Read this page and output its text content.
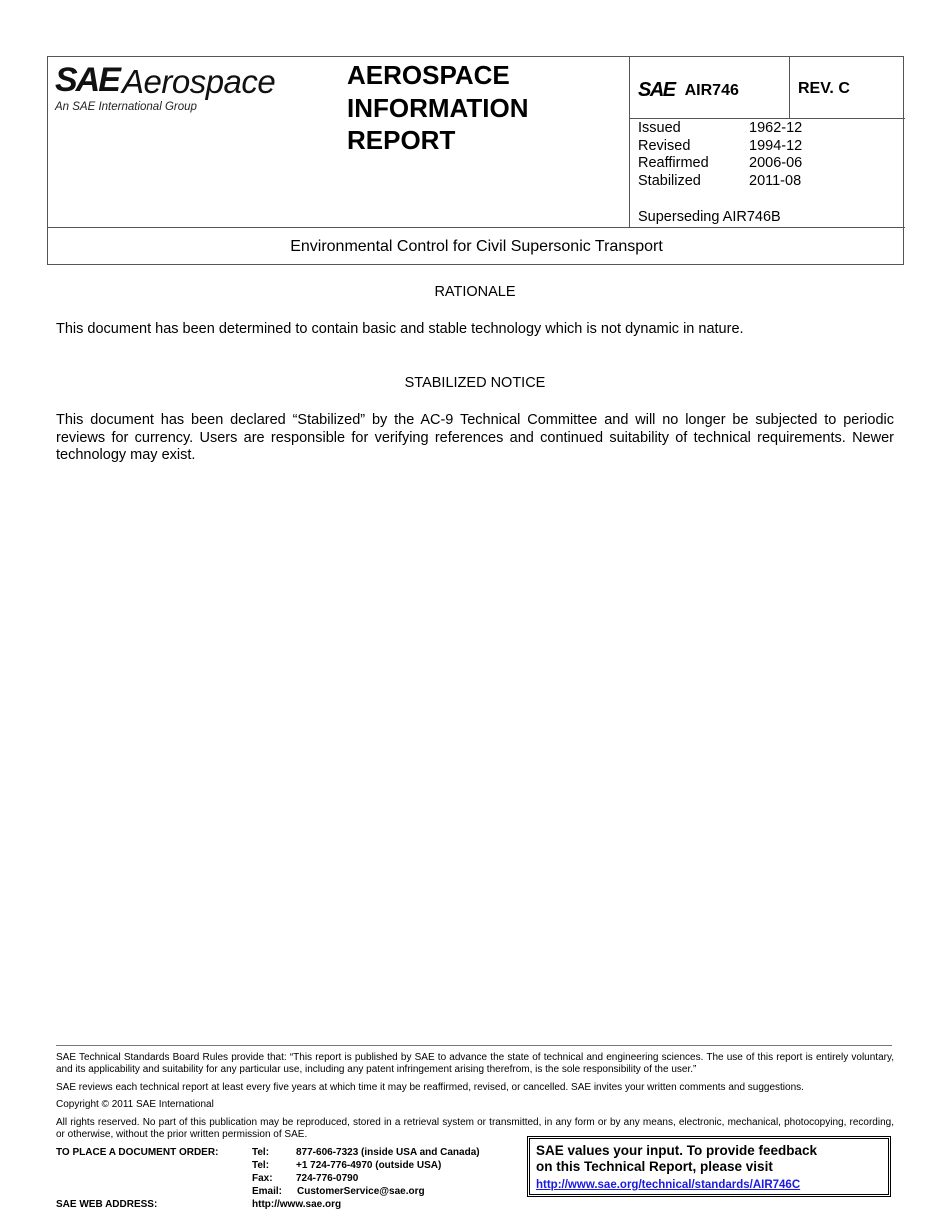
SAE Aerospace
An SAE International Group
AEROSPACE
INFORMATION
REPORT
SAE AIR746	REV. C
Issued	1962-12
Revised	1994-12
Reaffirmed	2006-06
Stabilized	2011-08
Superseding AIR746B
Environmental Control for Civil Supersonic Transport
RATIONALE
This document has been determined to contain basic and stable technology which is not dynamic in nature.
STABILIZED NOTICE
This document has been declared “Stabilized” by the AC-9 Technical Committee and will no longer be subjected to periodic reviews for currency. Users are responsible for verifying references and continued suitability of technical requirements. Newer technology may exist.
SAE Technical Standards Board Rules provide that: “This report is published by SAE to advance the state of technical and engineering sciences. The use of this report is entirely voluntary, and its applicability and suitability for any particular use, including any patent infringement arising therefrom, is the sole responsibility of the user.”
SAE reviews each technical report at least every five years at which time it may be reaffirmed, revised, or cancelled. SAE invites your written comments and suggestions.
Copyright © 2011 SAE International
All rights reserved. No part of this publication may be reproduced, stored in a retrieval system or transmitted, in any form or by any means, electronic, mechanical, photocopying, recording, or otherwise, without the prior written permission of SAE.
TO PLACE A DOCUMENT ORDER:	Tel:	877-606-7323 (inside USA and Canada)
Tel:	+1 724-776-4970 (outside USA)
Fax: 724-776-0790
Email: CustomerService@sae.org
SAE WEB ADDRESS:	http://www.sae.org
SAE values your input. To provide feedback
on this Technical Report, please visit
http://www.sae.org/technical/standards/AIR746C
